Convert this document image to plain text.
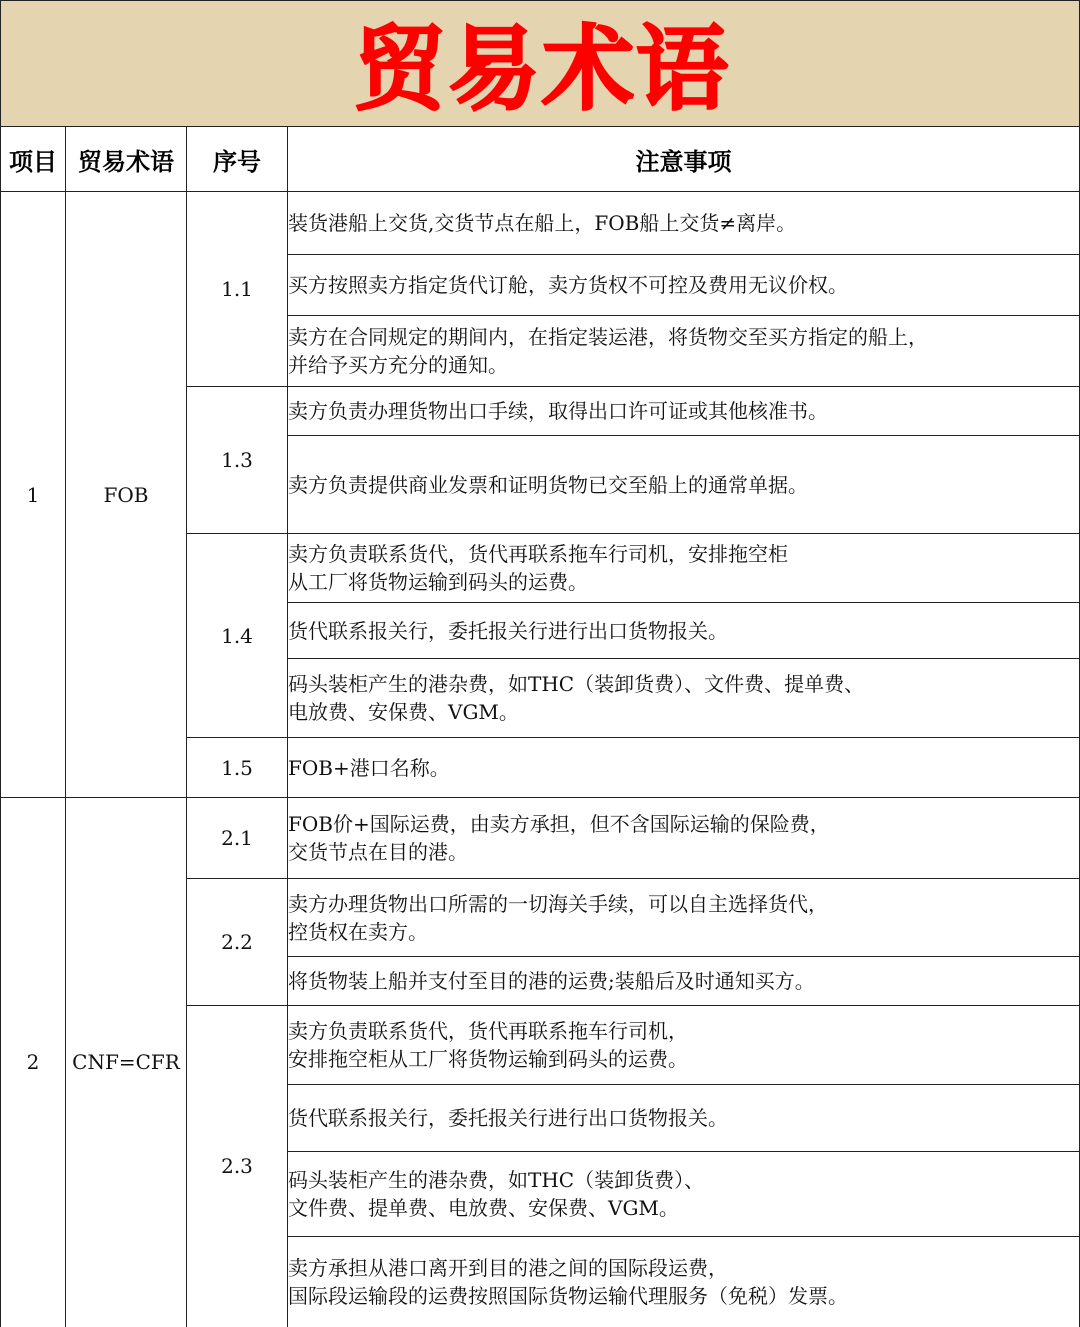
贸易术语
项目	贸易术语	序号	注意事项
1	FOB	1.1	装货港船上交货,交货节点在船上，FOB船上交货≠离岸。
			买方按照卖方指定货代订舱，卖方货权不可控及费用无议价权。

			卖方在合同规定的期间内，在指定装运港，将货物交至买方指定的船上，
并给予买方充分的通知。

		1.3	卖方负责办理货物出口手续，取得出口许可证或其他核准书。
			卖方负责提供商业发票和证明货物已交至船上的通常单据。
		1.4	卖方负责联系货代，货代再联系拖车行司机，安排拖空柜
从工厂将货物运输到码头的运费。

			货代联系报关行，委托报关行进行出口货物报关。

			码头装柜产生的港杂费，如THC（装卸货费）、文件费、提单费、
电放费、安保费、VGM。

		1.5	FOB+港口名称。

2	CNF=CFR	2.1	FOB价+国际运费，由卖方承担，但不含国际运输的保险费，
交货节点在目的港。

		2.2	卖方办理货物出口所需的一切海关手续，可以自主选择货代，
控货权在卖方。

			将货物装上船并支付至目的港的运费;装船后及时通知买方。
		2.3	卖方负责联系货代，货代再联系拖车行司机，
安排拖空柜从工厂将货物运输到码头的运费。

			货代联系报关行，委托报关行进行出口货物报关。

			码头装柜产生的港杂费，如THC（装卸货费）、
文件费、提单费、电放费、安保费、VGM。

			卖方承担从港口离开到目的港之间的国际段运费，
国际段运输段的运费按照国际货物运输代理服务（免税）发票。
